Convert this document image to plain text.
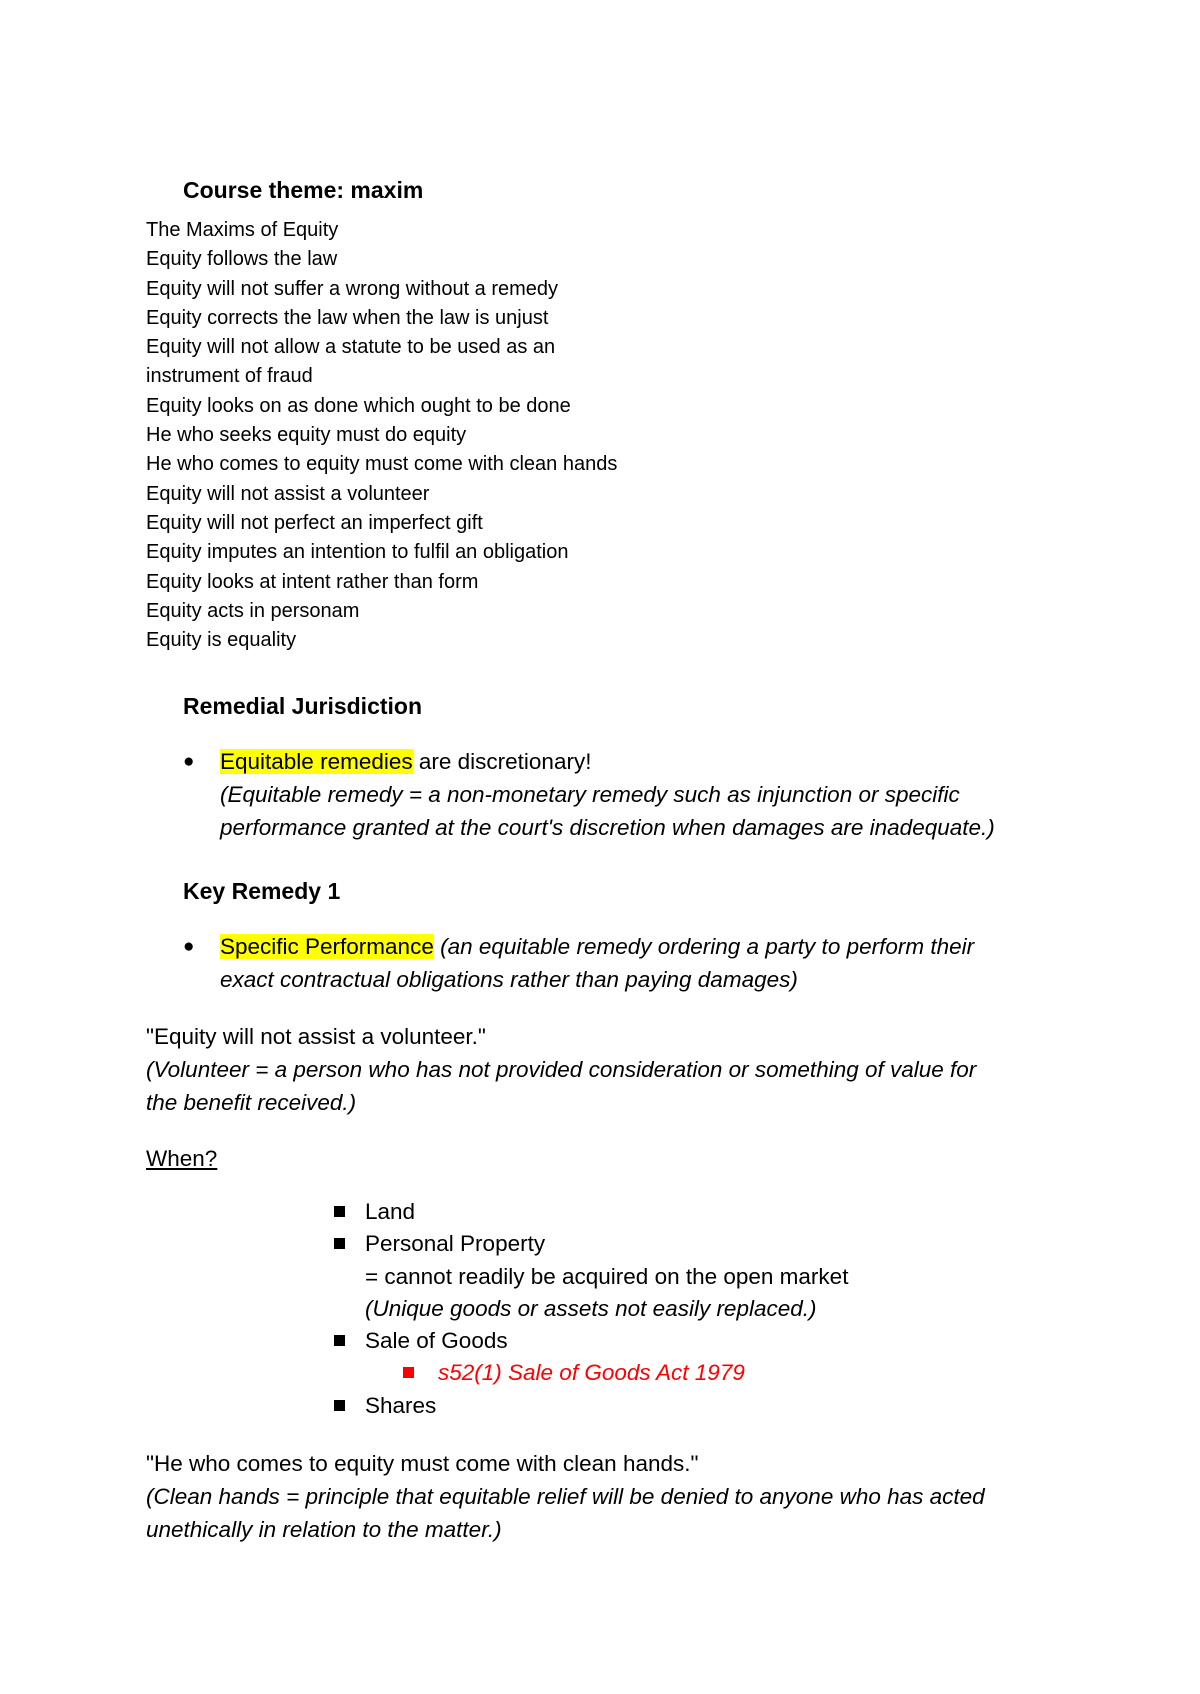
Course theme: maxim
The Maxims of Equity
Equity follows the law
Equity will not suffer a wrong without a remedy
Equity corrects the law when the law is unjust
Equity will not allow a statute to be used as an
instrument of fraud
Equity looks on as done which ought to be done
He who seeks equity must do equity
He who comes to equity must come with clean hands
Equity will not assist a volunteer
Equity will not perfect an imperfect gift
Equity imputes an intention to fulfil an obligation
Equity looks at intent rather than form
Equity acts in personam
Equity is equality
Remedial Jurisdiction
● Equitable remedies are discretionary!

(Equitable remedy = a non-monetary remedy such as injunction or specific

performance granted at the court's discretion when damages are inadequate.)

Key Remedy 1
● Specific Performance (an equitable remedy ordering a party to perform their

exact contractual obligations rather than paying damages)

"Equity will not assist a volunteer."

(Volunteer = a person who has not provided consideration or something of value for

the benefit received.)

When?

Land

Personal Property

= cannot readily be acquired on the open market

(Unique goods or assets not easily replaced.)

Sale of Goods

s52(1) Sale of Goods Act 1979

Shares

"He who comes to equity must come with clean hands."

(Clean hands = principle that equitable relief will be denied to anyone who has acted

unethically in relation to the matter.)
